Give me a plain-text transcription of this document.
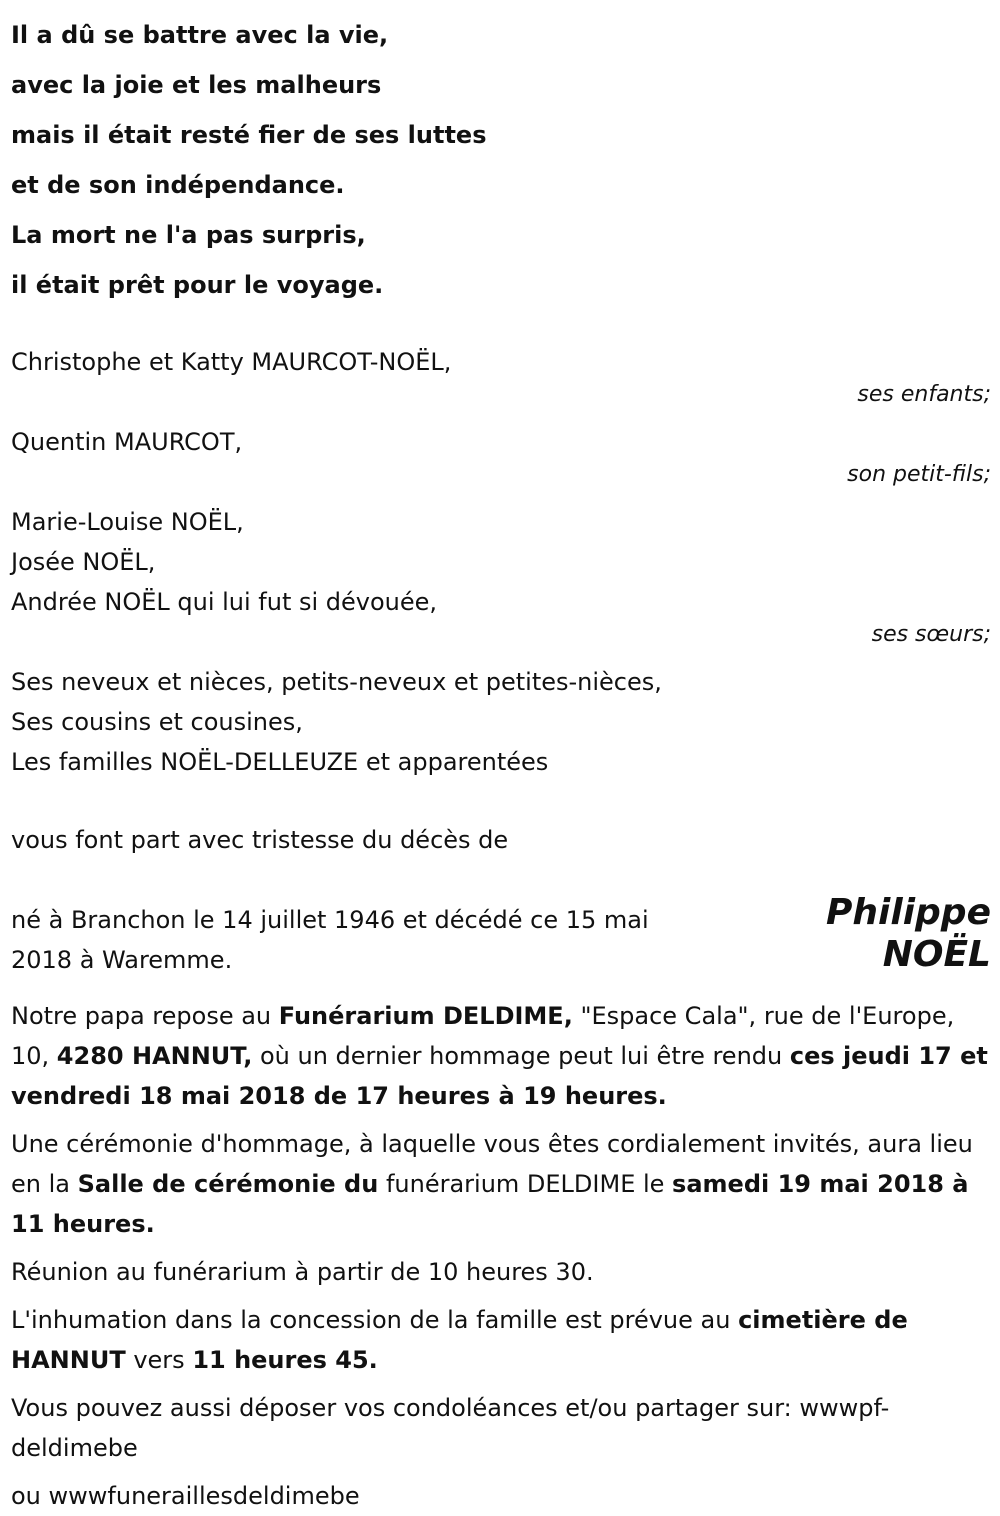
Il a dû se battre avec la vie,
avec la joie et les malheurs
mais il était resté fier de ses luttes
et de son indépendance.
La mort ne l'a pas surpris,
il était prêt pour le voyage.
Christophe et Katty MAURCOT-NOËL,
ses enfants;
Quentin MAURCOT,
son petit-fils;
Marie-Louise NOËL,
Josée NOËL,
Andrée NOËL qui lui fut si dévouée,
ses sœurs;
Ses neveux et nièces, petits-neveux et petites-nièces,
Ses cousins et cousines,
Les familles NOËL-DELLEUZE et apparentées
vous font part avec tristesse du décès de
né à Branchon le 14 juillet 1946 et décédé ce 15 mai 2018 à Waremme.
Philippe
NOËL
Notre papa repose au Funérarium DELDIME, "Espace Cala", rue de l'Europe, 10, 4280 HANNUT, où un dernier hommage peut lui être rendu ces jeudi 17 et vendredi 18 mai 2018 de 17 heures à 19 heures.
Une cérémonie d'hommage, à laquelle vous êtes cordialement invités, aura lieu en la Salle de cérémonie du funérarium DELDIME le samedi 19 mai 2018 à 11 heures.
Réunion au funérarium à partir de 10 heures 30.
L'inhumation dans la concession de la famille est prévue au cimetière de HANNUT vers 11 heures 45.
Vous pouvez aussi déposer vos condoléances et/ou partager sur: wwwpf-deldimebe
ou wwwfuneraillesdeldimebe
